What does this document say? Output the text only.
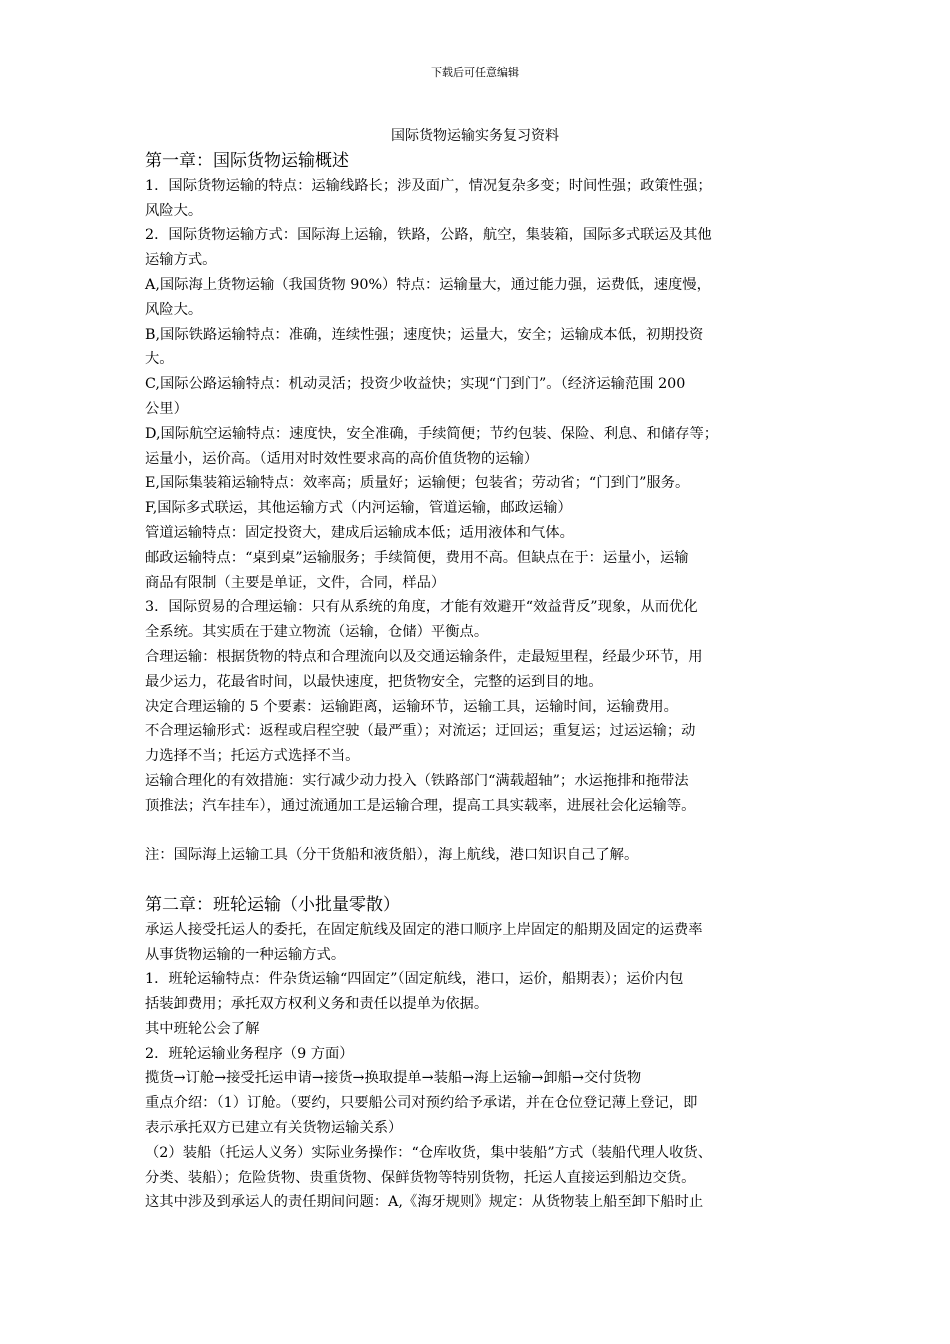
下载后可任意编辑
国际货物运输实务复习资料
第一章：国际货物运输概述
1．国际货物运输的特点：运输线路长；涉及面广，情况复杂多变；时间性强；政策性强；
风险大。
2．国际货物运输方式：国际海上运输，铁路，公路，航空，集装箱，国际多式联运及其他
运输方式。
A,国际海上货物运输（我国货物 90%）特点：运输量大，通过能力强，运费低，速度慢，
风险大。
B,国际铁路运输特点：准确，连续性强；速度快；运量大，安全；运输成本低，初期投资
大。
C,国际公路运输特点：机动灵活；投资少收益快；实现“门到门”。（经济运输范围 200
公里）
D,国际航空运输特点：速度快，安全准确，手续简便；节约包装、保险、利息、和储存等；
运量小，运价高。（适用对时效性要求高的高价值货物的运输）
E,国际集装箱运输特点：效率高；质量好；运输便；包装省；劳动省；“门到门”服务。
F,国际多式联运，其他运输方式（内河运输，管道运输，邮政运输）
管道运输特点：固定投资大，建成后运输成本低；适用液体和气体。
邮政运输特点：“桌到桌”运输服务；手续简便，费用不高。但缺点在于：运量小，运输
商品有限制（主要是单证，文件，合同，样品）
3．国际贸易的合理运输：只有从系统的角度，才能有效避开“效益背反”现象，从而优化
全系统。其实质在于建立物流（运输，仓储）平衡点。
合理运输：根据货物的特点和合理流向以及交通运输条件，走最短里程，经最少环节，用
最少运力，花最省时间，以最快速度，把货物安全，完整的运到目的地。
决定合理运输的 5 个要素：运输距离，运输环节，运输工具，运输时间，运输费用。
不合理运输形式：返程或启程空驶（最严重）；对流运；迂回运；重复运；过运运输；动
力选择不当；托运方式选择不当。
运输合理化的有效措施：实行减少动力投入（铁路部门“满载超轴”；水运拖排和拖带法
顶推法；汽车挂车），通过流通加工是运输合理，提高工具实载率，进展社会化运输等。
注：国际海上运输工具（分干货船和液货船），海上航线，港口知识自己了解。
第二章：班轮运输（小批量零散）
承运人接受托运人的委托，在固定航线及固定的港口顺序上岸固定的船期及固定的运费率
从事货物运输的一种运输方式。
1．班轮运输特点：件杂货运输“四固定”（固定航线，港口，运价，船期表）；运价内包
括装卸费用；承托双方权利义务和责任以提单为依据。
其中班轮公会了解
2．班轮运输业务程序（9 方面）
揽货→订舱→接受托运申请→接货→换取提单→装船→海上运输→卸船→交付货物
重点介绍：（1）订舱。（要约，只要船公司对预约给予承诺，并在仓位登记薄上登记，即
表示承托双方已建立有关货物运输关系）
（2）装船（托运人义务）实际业务操作：“仓库收货，集中装船”方式（装船代理人收货、
分类、装船）；危险货物、贵重货物、保鲜货物等特别货物，托运人直接运到船边交货。
这其中涉及到承运人的责任期间问题：A,《海牙规则》规定：从货物装上船至卸下船时止
